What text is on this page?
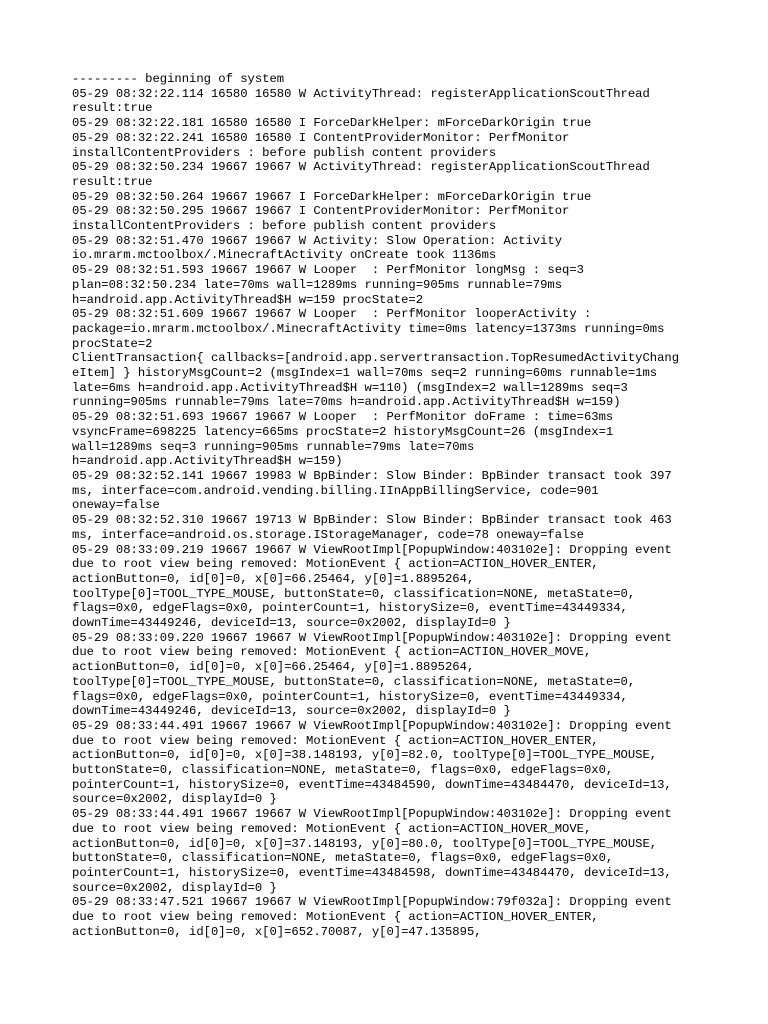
--------- beginning of system

05-29 08:32:22.114 16580 16580 W ActivityThread: registerApplicationScoutThread
result:true

05-29 08:32:22.181 16580 16580 I ForceDarkHelper: mForceDarkOrigin true

05-29 08:32:22.241 16580 16580 I ContentProviderMonitor: PerfMonitor
installContentProviders : before publish content providers

05-29 08:32:50.234 19667 19667 W ActivityThread: registerApplicationScoutThread
result:true

05-29 08:32:50.264 19667 19667 I ForceDarkHelper: mForceDarkOrigin true

05-29 08:32:50.295 19667 19667 I ContentProviderMonitor: PerfMonitor
installContentProviders : before publish content providers

05-29 08:32:51.470 19667 19667 W Activity: Slow Operation: Activity
io.mrarm.mctoolbox/.MinecraftActivity onCreate took 1136ms

05-29 08:32:51.593 19667 19667 W Looper  : PerfMonitor longMsg : seq=3
plan=08:32:50.234 late=70ms wall=1289ms running=905ms runnable=79ms
h=android.app.ActivityThread$H w=159 procState=2

05-29 08:32:51.609 19667 19667 W Looper  : PerfMonitor looperActivity :
package=io.mrarm.mctoolbox/.MinecraftActivity time=0ms latency=1373ms running=0ms
procState=2
ClientTransaction{ callbacks=[android.app.servertransaction.TopResumedActivityChang
eItem] } historyMsgCount=2 (msgIndex=1 wall=70ms seq=2 running=60ms runnable=1ms
late=6ms h=android.app.ActivityThread$H w=110) (msgIndex=2 wall=1289ms seq=3
running=905ms runnable=79ms late=70ms h=android.app.ActivityThread$H w=159)

05-29 08:32:51.693 19667 19667 W Looper  : PerfMonitor doFrame : time=63ms
vsyncFrame=698225 latency=665ms procState=2 historyMsgCount=26 (msgIndex=1
wall=1289ms seq=3 running=905ms runnable=79ms late=70ms
h=android.app.ActivityThread$H w=159)

05-29 08:32:52.141 19667 19983 W BpBinder: Slow Binder: BpBinder transact took 397
ms, interface=com.android.vending.billing.IInAppBillingService, code=901
oneway=false

05-29 08:32:52.310 19667 19713 W BpBinder: Slow Binder: BpBinder transact took 463
ms, interface=android.os.storage.IStorageManager, code=78 oneway=false

05-29 08:33:09.219 19667 19667 W ViewRootImpl[PopupWindow:403102e]: Dropping event
due to root view being removed: MotionEvent { action=ACTION_HOVER_ENTER,
actionButton=0, id[0]=0, x[0]=66.25464, y[0]=1.8895264,
toolType[0]=TOOL_TYPE_MOUSE, buttonState=0, classification=NONE, metaState=0,
flags=0x0, edgeFlags=0x0, pointerCount=1, historySize=0, eventTime=43449334,
downTime=43449246, deviceId=13, source=0x2002, displayId=0 }

05-29 08:33:09.220 19667 19667 W ViewRootImpl[PopupWindow:403102e]: Dropping event
due to root view being removed: MotionEvent { action=ACTION_HOVER_MOVE,
actionButton=0, id[0]=0, x[0]=66.25464, y[0]=1.8895264,
toolType[0]=TOOL_TYPE_MOUSE, buttonState=0, classification=NONE, metaState=0,
flags=0x0, edgeFlags=0x0, pointerCount=1, historySize=0, eventTime=43449334,
downTime=43449246, deviceId=13, source=0x2002, displayId=0 }

05-29 08:33:44.491 19667 19667 W ViewRootImpl[PopupWindow:403102e]: Dropping event
due to root view being removed: MotionEvent { action=ACTION_HOVER_ENTER,
actionButton=0, id[0]=0, x[0]=38.148193, y[0]=82.0, toolType[0]=TOOL_TYPE_MOUSE,
buttonState=0, classification=NONE, metaState=0, flags=0x0, edgeFlags=0x0,
pointerCount=1, historySize=0, eventTime=43484590, downTime=43484470, deviceId=13,
source=0x2002, displayId=0 }

05-29 08:33:44.491 19667 19667 W ViewRootImpl[PopupWindow:403102e]: Dropping event
due to root view being removed: MotionEvent { action=ACTION_HOVER_MOVE,
actionButton=0, id[0]=0, x[0]=37.148193, y[0]=80.0, toolType[0]=TOOL_TYPE_MOUSE,
buttonState=0, classification=NONE, metaState=0, flags=0x0, edgeFlags=0x0,
pointerCount=1, historySize=0, eventTime=43484598, downTime=43484470, deviceId=13,
source=0x2002, displayId=0 }

05-29 08:33:47.521 19667 19667 W ViewRootImpl[PopupWindow:79f032a]: Dropping event
due to root view being removed: MotionEvent { action=ACTION_HOVER_ENTER,
actionButton=0, id[0]=0, x[0]=652.70087, y[0]=47.135895,
